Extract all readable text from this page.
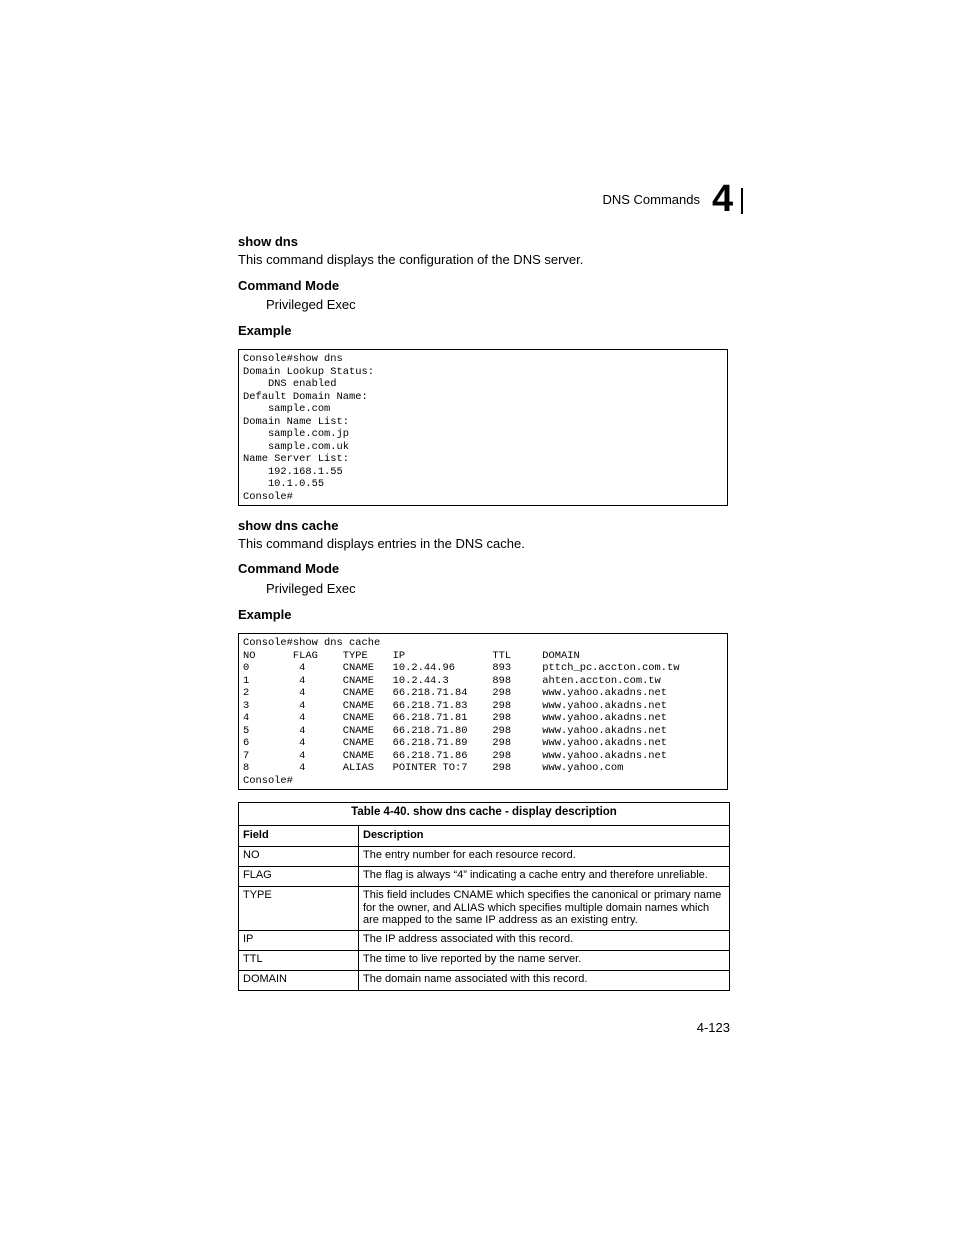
DNS Commands 4
show dns

This command displays the configuration of the DNS server.

Command Mode

Privileged Exec

Example
Console#show dns
Domain Lookup Status:
DNS enabled
Default Domain Name:
sample.com
Domain Name List:
sample.com.jp
sample.com.uk
Name Server List:
192.168.1.55
10.1.0.55
Console#
show dns cache

This command displays entries in the DNS cache.

Command Mode

Privileged Exec

Example
Console#show dns cache
NO      FLAG    TYPE    IP              TTL     DOMAIN
0        4      CNAME   10.2.44.96      893     pttch_pc.accton.com.tw
1        4      CNAME   10.2.44.3       898     ahten.accton.com.tw
2        4      CNAME   66.218.71.84    298     www.yahoo.akadns.net
3        4      CNAME   66.218.71.83    298     www.yahoo.akadns.net
4        4      CNAME   66.218.71.81    298     www.yahoo.akadns.net
5        4      CNAME   66.218.71.80    298     www.yahoo.akadns.net
6        4      CNAME   66.218.71.89    298     www.yahoo.akadns.net
7        4      CNAME   66.218.71.86    298     www.yahoo.akadns.net
8        4      ALIAS   POINTER TO:7    298     www.yahoo.com
Console#
Table 4-40. show dns cache - display description	
Field	Description
NO	The entry number for each resource record.
FLAG	The flag is always “4” indicating a cache entry and therefore unreliable.
TYPE	This field includes CNAME which specifies the canonical or primary name for the owner, and ALIAS which specifies multiple domain names which are mapped to the same IP address as an existing entry.
IP	The IP address associated with this record.
TTL	The time to live reported by the name server.
DOMAIN	The domain name associated with this record.
4-123
